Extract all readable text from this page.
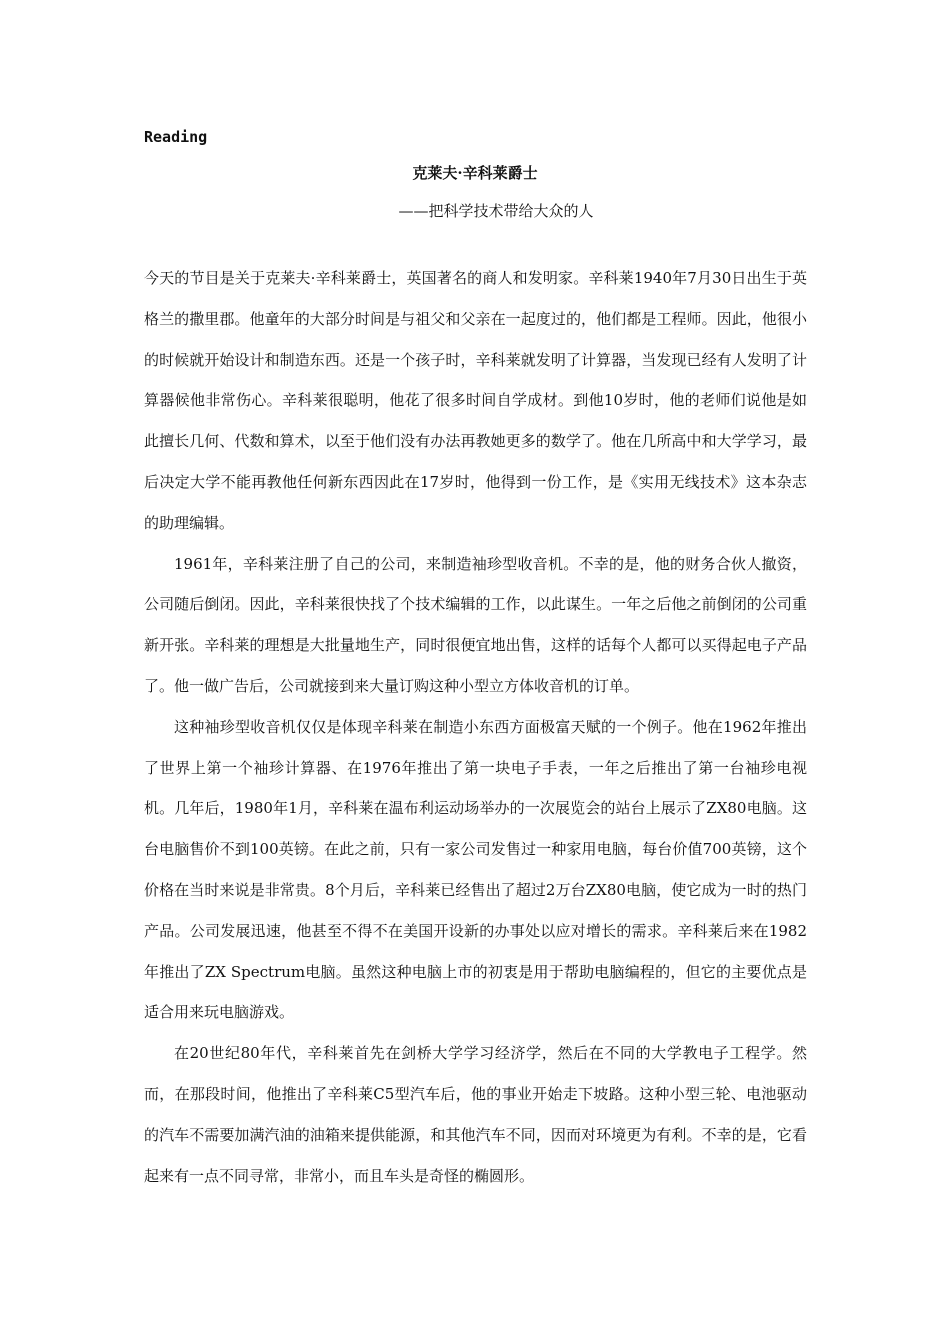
Reading
克莱夫·辛科莱爵士
——把科学技术带给大众的人

今天的节目是关于克莱夫·辛科莱爵士，英国著名的商人和发明家。辛科莱1940年7月30日出生于英格兰的撒里郡。他童年的大部分时间是与祖父和父亲在一起度过的，他们都是工程师。因此，他很小的时候就开始设计和制造东西。还是一个孩子时，辛科莱就发明了计算器，当发现已经有人发明了计算器候他非常伤心。辛科莱很聪明，他花了很多时间自学成材。到他10岁时，他的老师们说他是如此擅长几何、代数和算术，以至于他们没有办法再教她更多的数学了。他在几所高中和大学学习，最后决定大学不能再教他任何新东西因此在17岁时，他得到一份工作，是《实用无线技术》这本杂志的助理编辑。

1961年，辛科莱注册了自己的公司，来制造袖珍型收音机。不幸的是，他的财务合伙人撤资，公司随后倒闭。因此，辛科莱很快找了个技术编辑的工作，以此谋生。一年之后他之前倒闭的公司重新开张。辛科莱的理想是大批量地生产，同时很便宜地出售，这样的话每个人都可以买得起电子产品了。他一做广告后，公司就接到来大量订购这种小型立方体收音机的订单。

这种袖珍型收音机仅仅是体现辛科莱在制造小东西方面极富天赋的一个例子。他在1962年推出了世界上第一个袖珍计算器、在1976年推出了第一块电子手表，一年之后推出了第一台袖珍电视机。几年后，1980年1月，辛科莱在温布利运动场举办的一次展览会的站台上展示了ZX80电脑。这台电脑售价不到100英镑。在此之前，只有一家公司发售过一种家用电脑，每台价值700英镑，这个价格在当时来说是非常贵。8个月后，辛科莱已经售出了超过2万台ZX80电脑，使它成为一时的热门产品。公司发展迅速，他甚至不得不在美国开设新的办事处以应对增长的需求。辛科莱后来在1982年推出了ZX Spectrum电脑。虽然这种电脑上市的初衷是用于帮助电脑编程的，但它的主要优点是适合用来玩电脑游戏。

在20世纪80年代，辛科莱首先在剑桥大学学习经济学，然后在不同的大学教电子工程学。然而，在那段时间，他推出了辛科莱C5型汽车后，他的事业开始走下坡路。这种小型三轮、电池驱动的汽车不需要加满汽油的油箱来提供能源，和其他汽车不同，因而对环境更为有利。不幸的是，它看起来有一点不同寻常，非常小，而且车头是奇怪的椭圆形。
